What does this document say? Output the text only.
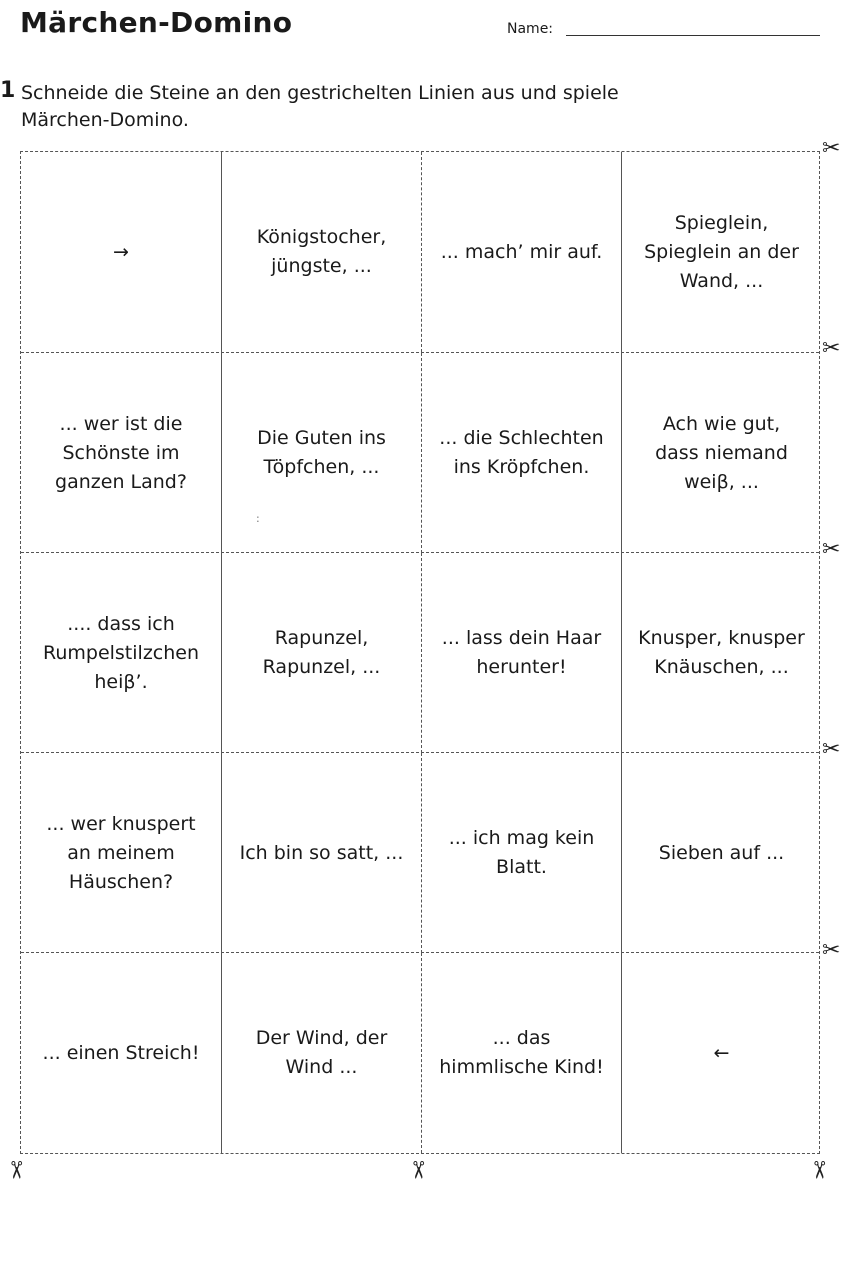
Märchen-Domino	Name:
1 Schneide die Steine an den gestrichelten Linien aus und spiele
Märchen-Domino.
→
Königstocher,
jüngste, ...
... mach’ mir auf.
Spieglein,
Spieglein an der
Wand, ...
... wer ist die
Schönste im
ganzen Land?
Die Guten ins
Töpfchen, ...
... die Schlechten
ins Kröpfchen.
Ach wie gut,
dass niemand
weiβ, ...
.... dass ich
Rumpelstilzchen
heiβ’.
Rapunzel,
Rapunzel, ...
... lass dein Haar
herunter!
Knusper, knusper
Knäuschen, ...
... wer knuspert
an meinem
Häuschen?
Ich bin so satt, ...
... ich mag kein
Blatt.
Sieben auf ...
... einen Streich!
Der Wind, der
Wind ...
... das
himmlische Kind!
←
:
✂
✂
✂
✂
✂
✂	✂	✂
